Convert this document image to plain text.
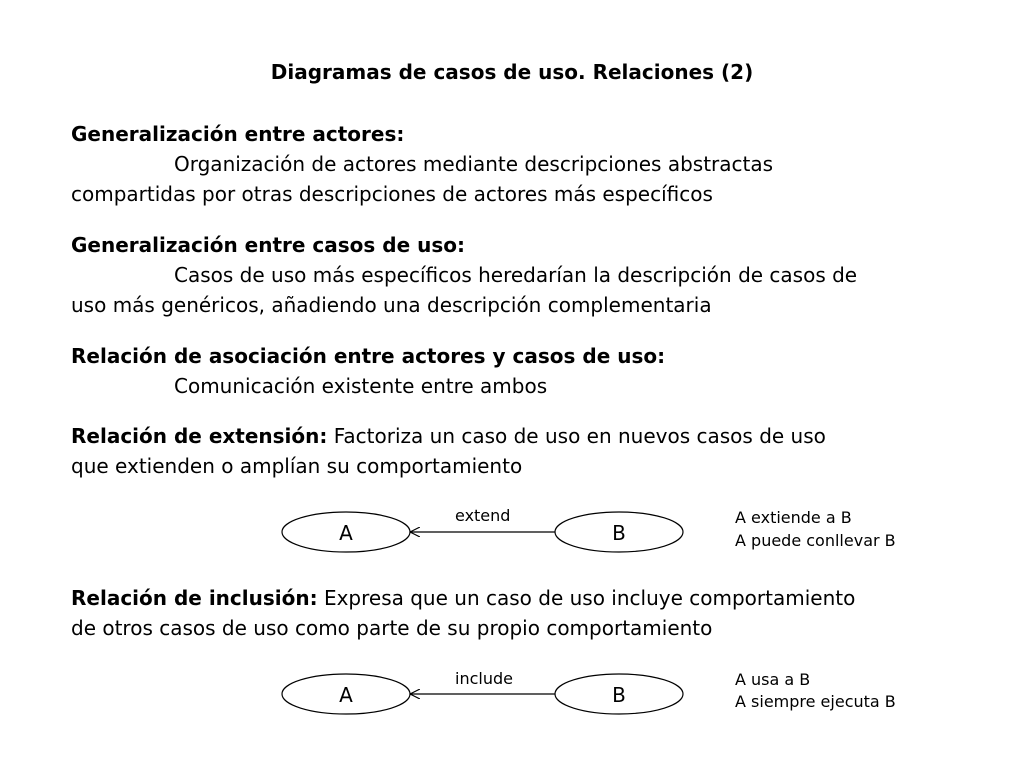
Diagramas de casos de uso. Relaciones (2)
Generalización entre actores:
Organización de actores mediante descripciones abstractas
compartidas por otras descripciones de actores más específicos
Generalización entre casos de uso:
Casos de uso más específicos heredarían la descripción de casos de
uso más genéricos, añadiendo una descripción complementaria
Relación de asociación entre actores y casos de uso:
Comunicación existente entre ambos
Relación de extensión: Factoriza un caso de uso en nuevos casos de uso
que extienden o amplían su comportamiento
A	B
extend	A extiende a B
A puede conllevar B
Relación de inclusión: Expresa que un caso de uso incluye comportamiento
de otros casos de uso como parte de su propio comportamiento
A	B
include	A usa a B
A siempre ejecuta B
